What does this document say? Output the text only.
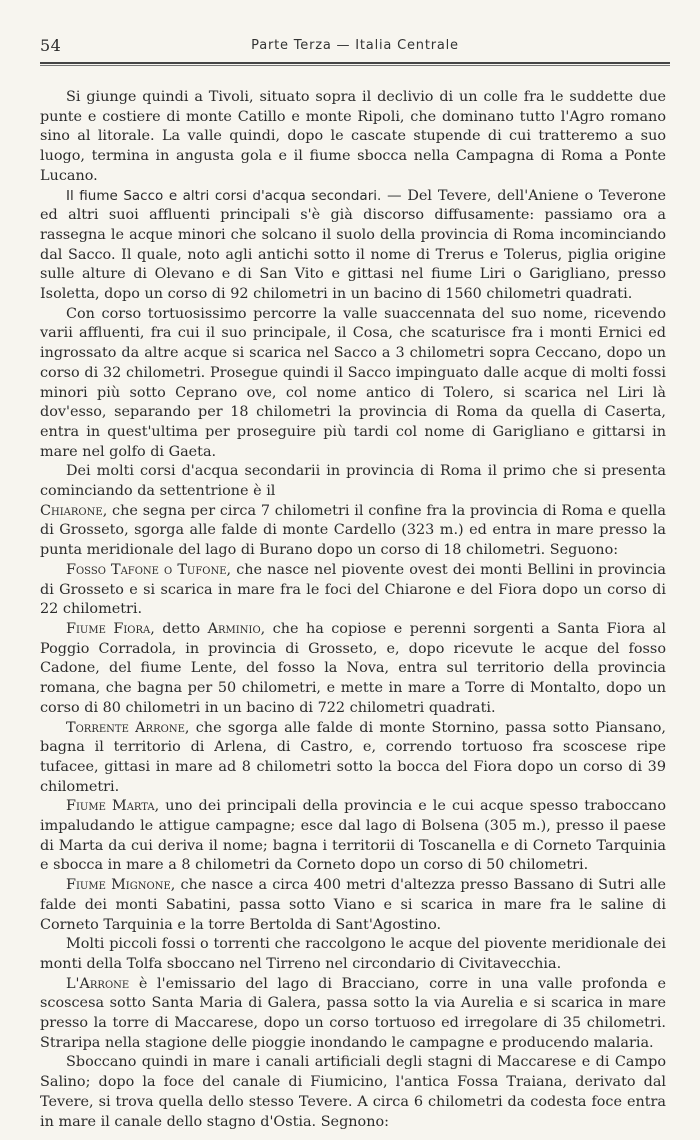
54	Parte Terza — Italia Centrale

Si giunge quindi a Tivoli, situato sopra il declivio di un colle fra le suddette due punte e costiere di monte Catillo e monte Ripoli, che dominano tutto l'Agro romano sino al litorale. La valle quindi, dopo le cascate stupende di cui tratteremo a suo luogo, termina in angusta gola e il fiume sbocca nella Campagna di Roma a Ponte Lucano.

Il fiume Sacco e altri corsi d'acqua secondari. — Del Tevere, dell'Aniene o Teverone ed altri suoi affluenti principali s'è già discorso diffusamente: passiamo ora a rassegna le acque minori che solcano il suolo della provincia di Roma incominciando dal Sacco. Il quale, noto agli antichi sotto il nome di Trerus e Tolerus, piglia origine sulle alture di Olevano e di San Vito e gittasi nel fiume Liri o Garigliano, presso Isoletta, dopo un corso di 92 chilometri in un bacino di 1560 chilometri quadrati.

Con corso tortuosissimo percorre la valle suaccennata del suo nome, ricevendo varii affluenti, fra cui il suo principale, il Cosa, che scaturisce fra i monti Ernici ed ingrossato da altre acque si scarica nel Sacco a 3 chilometri sopra Ceccano, dopo un corso di 32 chilometri. Prosegue quindi il Sacco impinguato dalle acque di molti fossi minori più sotto Ceprano ove, col nome antico di Tolero, si scarica nel Liri là dov'esso, separando per 18 chilometri la provincia di Roma da quella di Caserta, entra in quest'ultima per proseguire più tardi col nome di Garigliano e gittarsi in mare nel golfo di Gaeta.

Dei molti corsi d'acqua secondarii in provincia di Roma il primo che si presenta cominciando da settentrione è il

Chiarone, che segna per circa 7 chilometri il confine fra la provincia di Roma e quella di Grosseto, sgorga alle falde di monte Cardello (323 m.) ed entra in mare presso la punta meridionale del lago di Burano dopo un corso di 18 chilometri. Seguono:

Fosso Tafone o Tufone, che nasce nel piovente ovest dei monti Bellini in provincia di Grosseto e si scarica in mare fra le foci del Chiarone e del Fiora dopo un corso di 22 chilometri.

Fiume Fiora, detto Arminio, che ha copiose e perenni sorgenti a Santa Fiora al Poggio Corradola, in provincia di Grosseto, e, dopo ricevute le acque del fosso Cadone, del fiume Lente, del fosso la Nova, entra sul territorio della provincia romana, che bagna per 50 chilometri, e mette in mare a Torre di Montalto, dopo un corso di 80 chilometri in un bacino di 722 chilometri quadrati.

Torrente Arrone, che sgorga alle falde di monte Stornino, passa sotto Piansano, bagna il territorio di Arlena, di Castro, e, correndo tortuoso fra scoscese ripe tufacee, gittasi in mare ad 8 chilometri sotto la bocca del Fiora dopo un corso di 39 chilometri.

Fiume Marta, uno dei principali della provincia e le cui acque spesso traboccano impaludando le attigue campagne; esce dal lago di Bolsena (305 m.), presso il paese di Marta da cui deriva il nome; bagna i territorii di Toscanella e di Corneto Tarquinia e sbocca in mare a 8 chilometri da Corneto dopo un corso di 50 chilometri.

Fiume Mignone, che nasce a circa 400 metri d'altezza presso Bassano di Sutri alle falde dei monti Sabatini, passa sotto Viano e si scarica in mare fra le saline di Corneto Tarquinia e la torre Bertolda di Sant'Agostino.

Molti piccoli fossi o torrenti che raccolgono le acque del piovente meridionale dei monti della Tolfa sboccano nel Tirreno nel circondario di Civitavecchia.

L'Arrone è l'emissario del lago di Bracciano, corre in una valle profonda e scoscesa sotto Santa Maria di Galera, passa sotto la via Aurelia e si scarica in mare presso la torre di Maccarese, dopo un corso tortuoso ed irregolare di 35 chilometri. Straripa nella stagione delle pioggie inondando le campagne e producendo malaria.

Sboccano quindi in mare i canali artificiali degli stagni di Maccarese e di Campo Salino; dopo la foce del canale di Fiumicino, l'antica Fossa Traiana, derivato dal Tevere, si trova quella dello stesso Tevere. A circa 6 chilometri da codesta foce entra in mare il canale dello stagno d'Ostia. Segnono:
